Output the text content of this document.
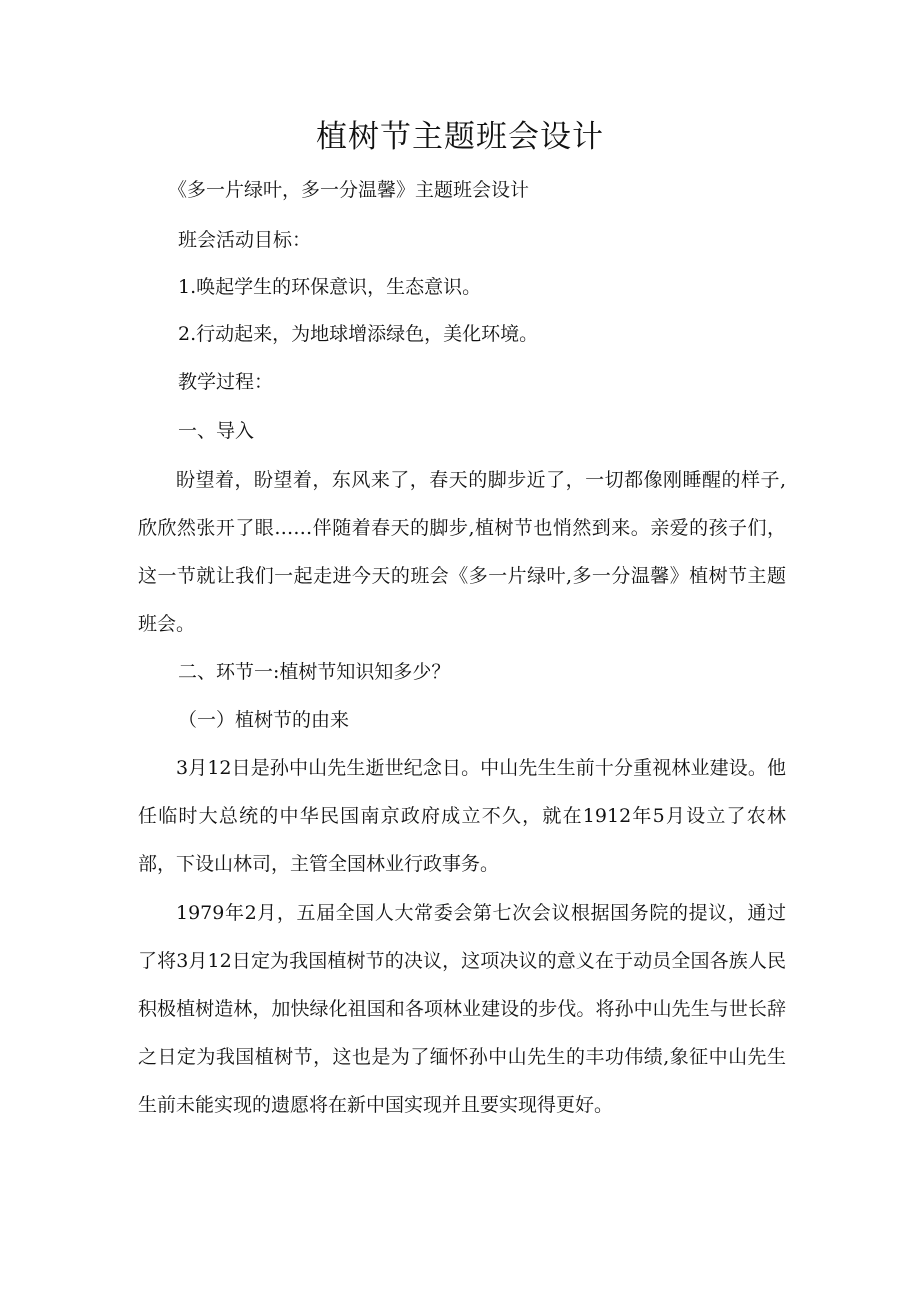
植树节主题班会设计
《多一片绿叶，多一分温馨》主题班会设计
班会活动目标：
1.唤起学生的环保意识，生态意识。
2.行动起来，为地球增添绿色，美化环境。
教学过程：
一、导入
盼望着，盼望着，东风来了，春天的脚步近了，一切都像刚睡醒的样子,欣欣然张开了眼……伴随着春天的脚步,植树节也悄然到来。亲爱的孩子们，这一节就让我们一起走进今天的班会《多一片绿叶,多一分温馨》植树节主题班会。
二、环节一:植树节知识知多少？
（一）植树节的由来
3月12日是孙中山先生逝世纪念日。中山先生生前十分重视林业建设。他任临时大总统的中华民国南京政府成立不久，就在1912年5月设立了农林部，下设山林司，主管全国林业行政事务。
1979年2月，五届全国人大常委会第七次会议根据国务院的提议，通过了将3月12日定为我国植树节的决议，这项决议的意义在于动员全国各族人民积极植树造林，加快绿化祖国和各项林业建设的步伐。将孙中山先生与世长辞之日定为我国植树节，这也是为了缅怀孙中山先生的丰功伟绩,象征中山先生生前未能实现的遗愿将在新中国实现并且要实现得更好。
